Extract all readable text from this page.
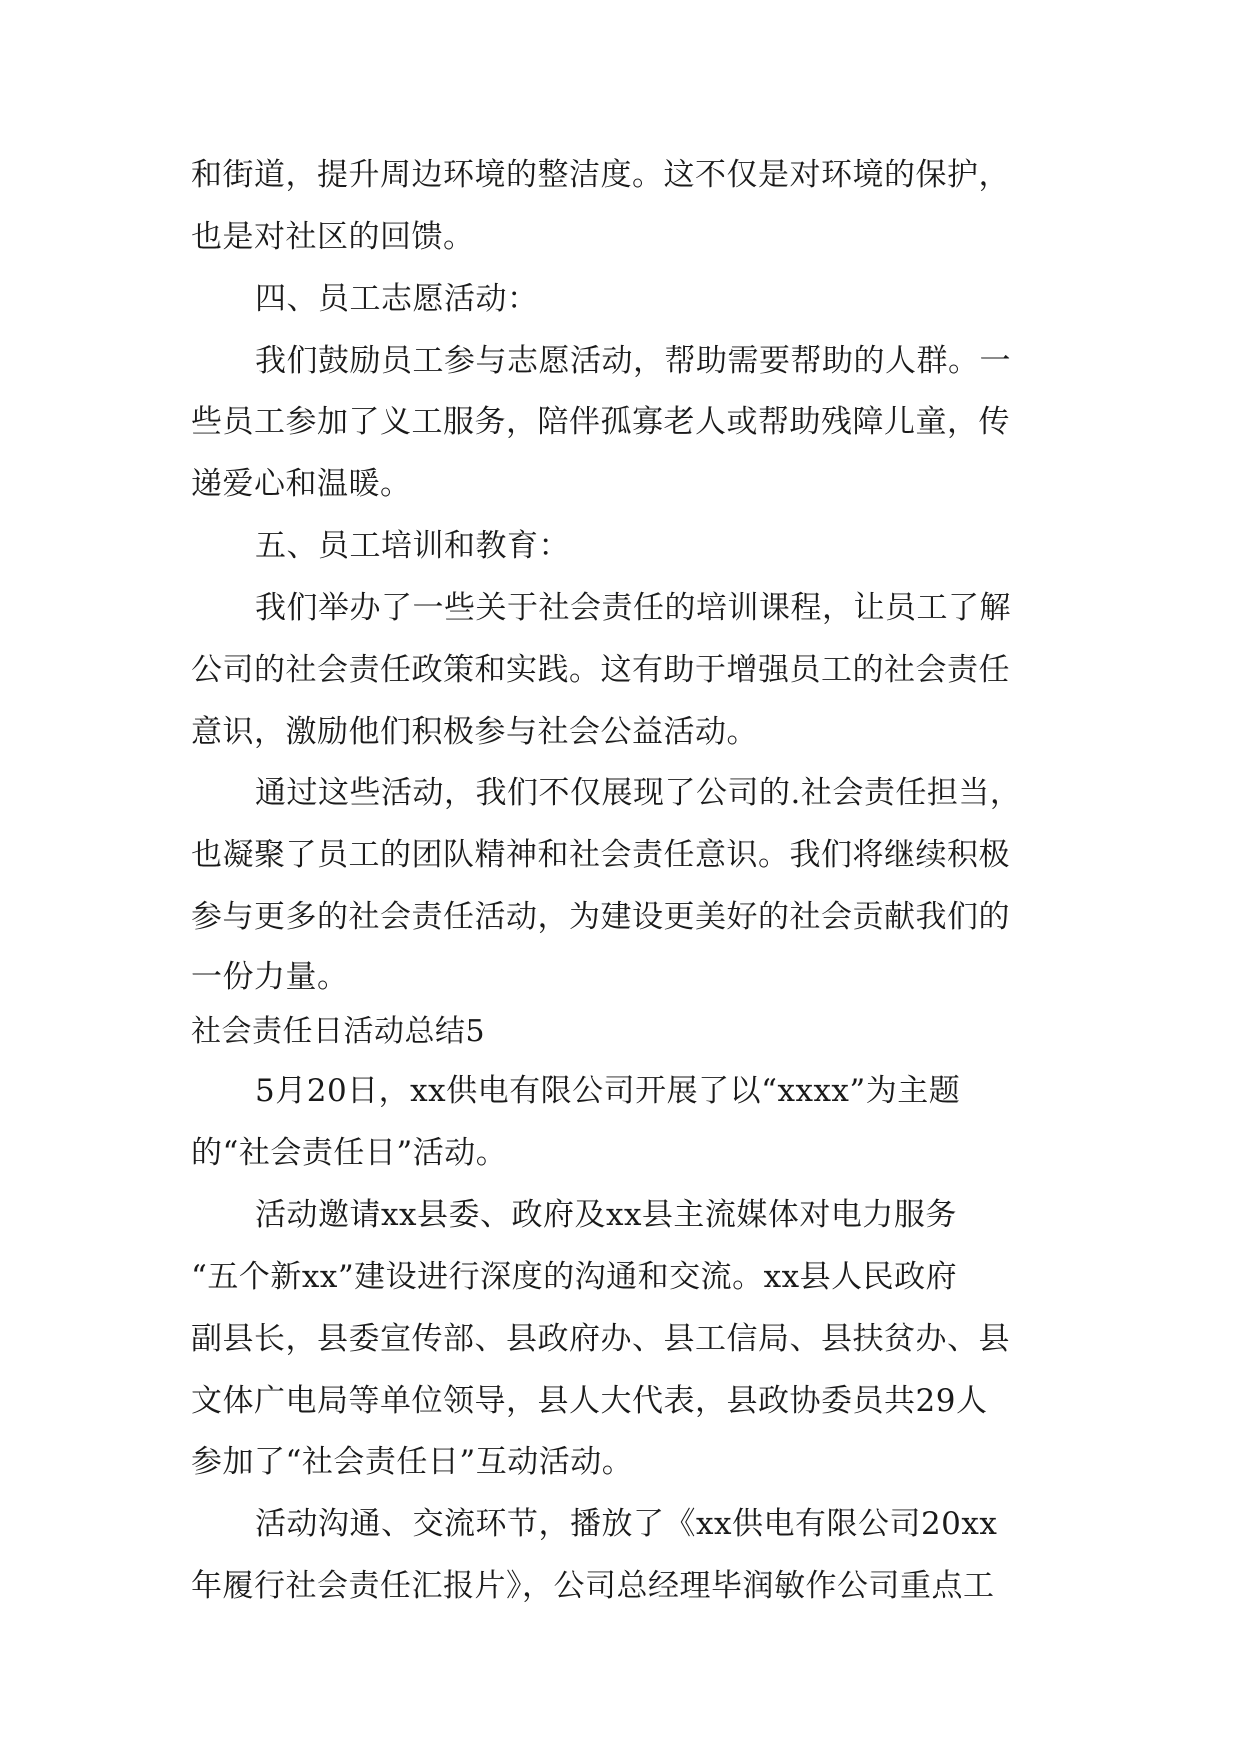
和街道，提升周边环境的整洁度。这不仅是对环境的保护，
也是对社区的回馈。
四、员工志愿活动：
我们鼓励员工参与志愿活动，帮助需要帮助的人群。一
些员工参加了义工服务，陪伴孤寡老人或帮助残障儿童，传
递爱心和温暖。
五、员工培训和教育：
我们举办了一些关于社会责任的培训课程，让员工了解
公司的社会责任政策和实践。这有助于增强员工的社会责任
意识，激励他们积极参与社会公益活动。
通过这些活动，我们不仅展现了公司的.社会责任担当，
也凝聚了员工的团队精神和社会责任意识。我们将继续积极
参与更多的社会责任活动，为建设更美好的社会贡献我们的
一份力量。
社会责任日活动总结5
5月20日，xx供电有限公司开展了以“xxxx”为主题
的“社会责任日”活动。
活动邀请xx县委、政府及xx县主流媒体对电力服务
“五个新xx”建设进行深度的沟通和交流。xx县人民政府
副县长，县委宣传部、县政府办、县工信局、县扶贫办、县
文体广电局等单位领导，县人大代表，县政协委员共29人
参加了“社会责任日”互动活动。
活动沟通、交流环节，播放了《xx供电有限公司20xx
年履行社会责任汇报片》，公司总经理毕润敏作公司重点工
